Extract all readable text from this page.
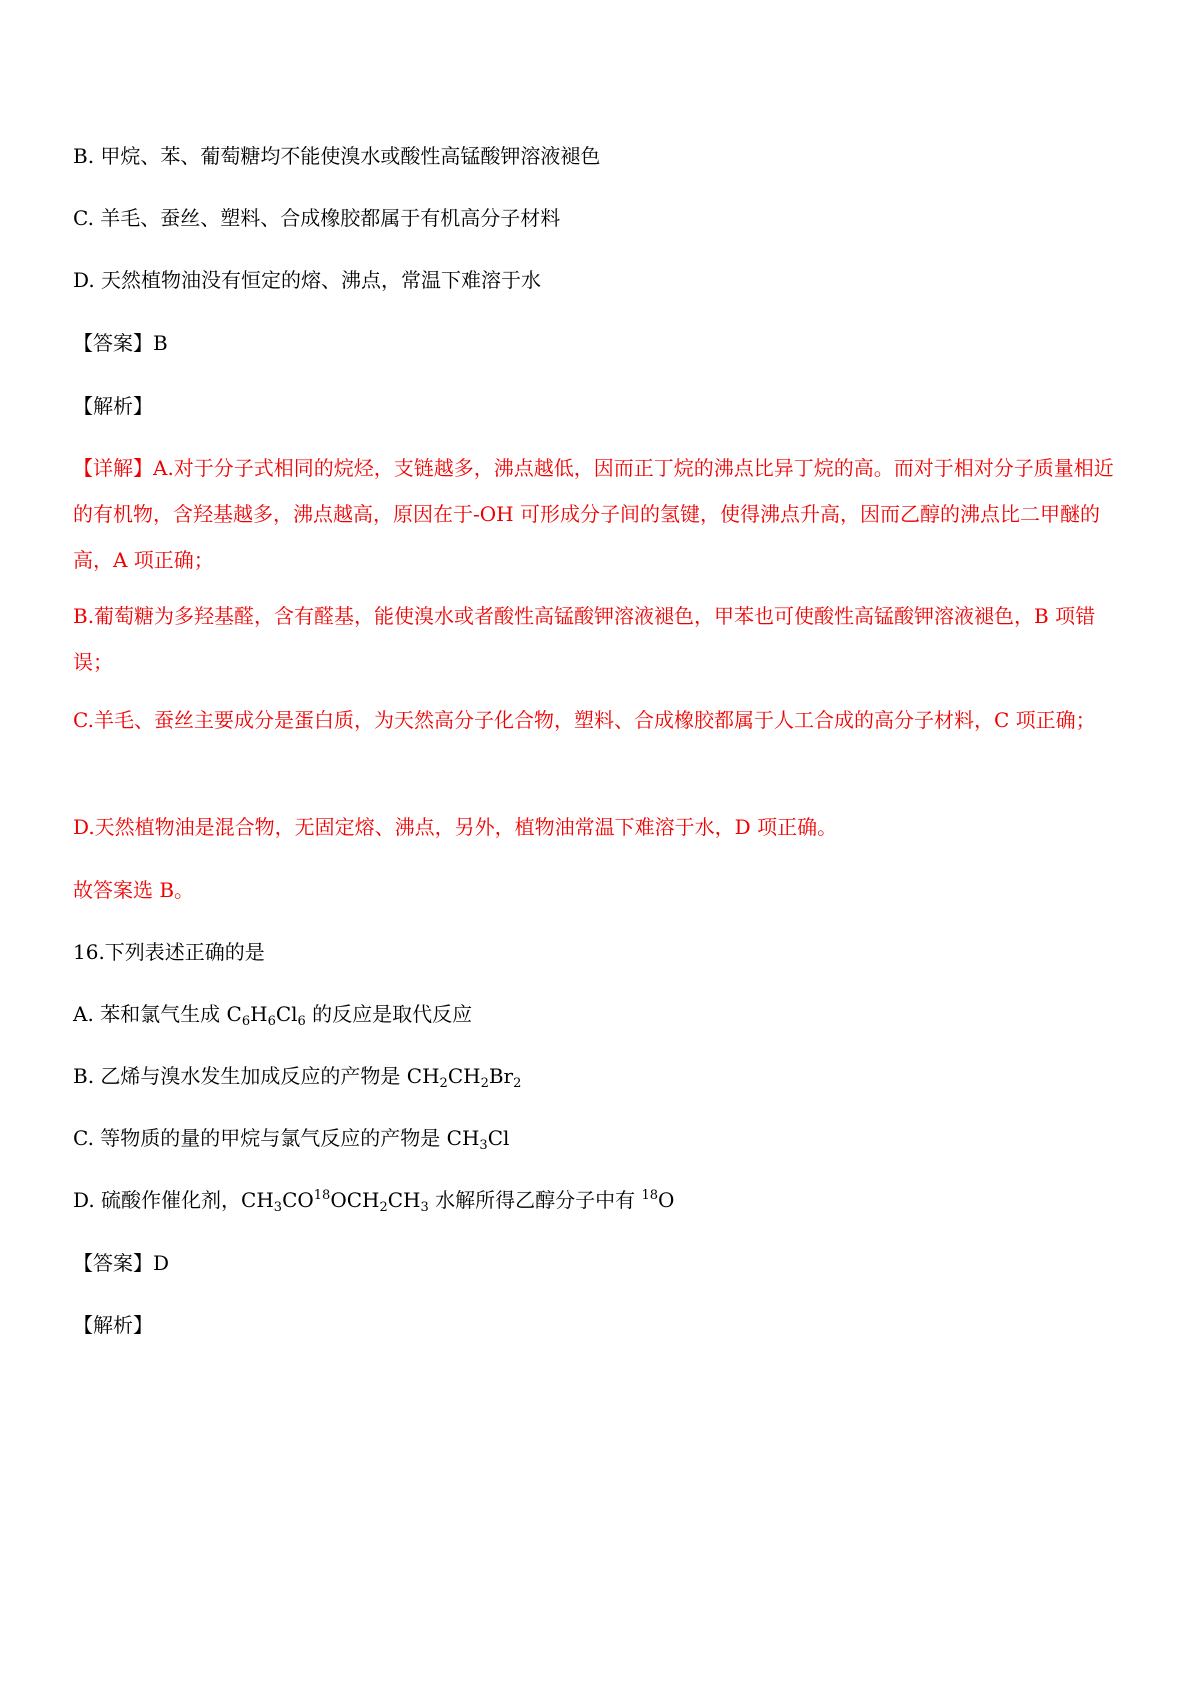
B. 甲烷、苯、葡萄糖均不能使溴水或酸性高锰酸钾溶液褪色
C. 羊毛、蚕丝、塑料、合成橡胶都属于有机高分子材料
D. 天然植物油没有恒定的熔、沸点，常温下难溶于水
【答案】B
【解析】
【详解】A.对于分子式相同的烷烃，支链越多，沸点越低，因而正丁烷的沸点比异丁烷的高。而对于相对分子质量相近的有机物，含羟基越多，沸点越高，原因在于-OH 可形成分子间的氢键，使得沸点升高，因而乙醇的沸点比二甲醚的高，A 项正确；
B.葡萄糖为多羟基醛，含有醛基，能使溴水或者酸性高锰酸钾溶液褪色，甲苯也可使酸性高锰酸钾溶液褪色，B 项错误；
C.羊毛、蚕丝主要成分是蛋白质，为天然高分子化合物，塑料、合成橡胶都属于人工合成的高分子材料，C 项正确；
D.天然植物油是混合物，无固定熔、沸点，另外，植物油常温下难溶于水，D 项正确。
故答案选 B。
16.下列表述正确的是
A. 苯和氯气生成 $C_6H_6Cl_6$ 的反应是取代反应
B. 乙烯与溴水发生加成反应的产物是 $CH_2CH_2Br_2$
C. 等物质的量的甲烷与氯气反应的产物是 $CH_3Cl$
D. 硫酸作催化剂，$CH_3CO^{18}OCH_2CH_3$ 水解所得乙醇分子中有 $^{18}$O
【答案】D
【解析】
